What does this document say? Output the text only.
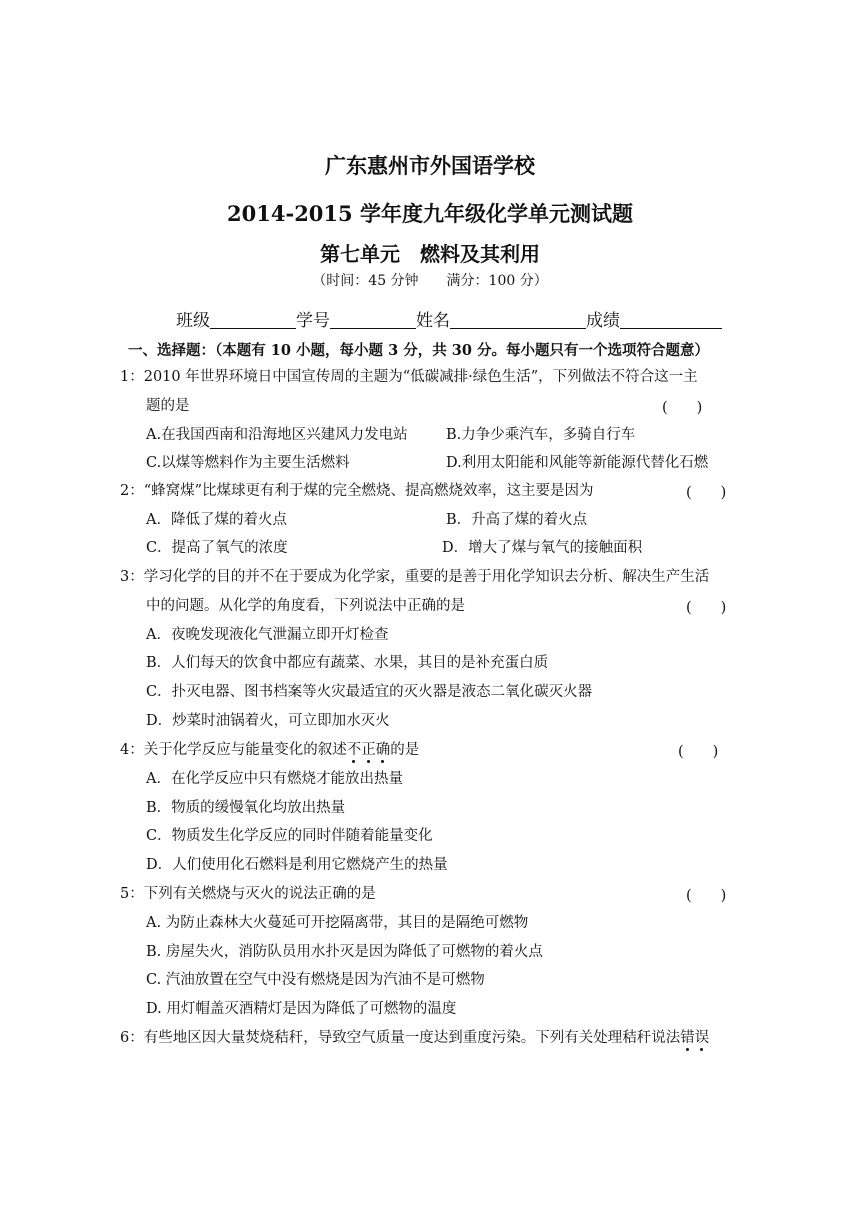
广东惠州市外国语学校
2014-2015 学年度九年级化学单元测试题
第七单元　燃料及其利用
（时间：45 分钟　　满分：100 分）
班级	学号	姓名	成绩
一、选择题：（本题有 10 小题，每小题 3 分，共 30 分。每小题只有一个选项符合题意）
1：2010 年世界环境日中国宣传周的主题为“低碳减排·绿色生活”，下列做法不符合这一主
题的是	(　　)
A.在我国西南和沿海地区兴建风力发电站	B.力争少乘汽车，多骑自行车
C.以煤等燃料作为主要生活燃料	D.利用太阳能和风能等新能源代替化石燃
2：“蜂窝煤”比煤球更有利于煤的完全燃烧、提高燃烧效率，这主要是因为	(　　)
A．降低了煤的着火点	B．升高了煤的着火点
C．提高了氧气的浓度	D．增大了煤与氧气的接触面积
3：学习化学的目的并不在于要成为化学家，重要的是善于用化学知识去分析、解决生产生活
中的问题。从化学的角度看，下列说法中正确的是	(　　)
A．夜晚发现液化气泄漏立即开灯检查
B．人们每天的饮食中都应有蔬菜、水果，其目的是补充蛋白质
C．扑灭电器、图书档案等火灾最适宜的灭火器是液态二氧化碳灭火器
D．炒菜时油锅着火，可立即加水灭火
4：关于化学反应与能量变化的叙述不正确的是	(　　)
A．在化学反应中只有燃烧才能放出热量
B．物质的缓慢氧化均放出热量
C．物质发生化学反应的同时伴随着能量变化
D．人们使用化石燃料是利用它燃烧产生的热量
5：下列有关燃烧与灭火的说法正确的是	(　　)
A. 为防止森林大火蔓延可开挖隔离带，其目的是隔绝可燃物
B. 房屋失火，消防队员用水扑灭是因为降低了可燃物的着火点
C. 汽油放置在空气中没有燃烧是因为汽油不是可燃物
D. 用灯帽盖灭酒精灯是因为降低了可燃物的温度
6：有些地区因大量焚烧秸秆，导致空气质量一度达到重度污染。下列有关处理秸秆说法错误
